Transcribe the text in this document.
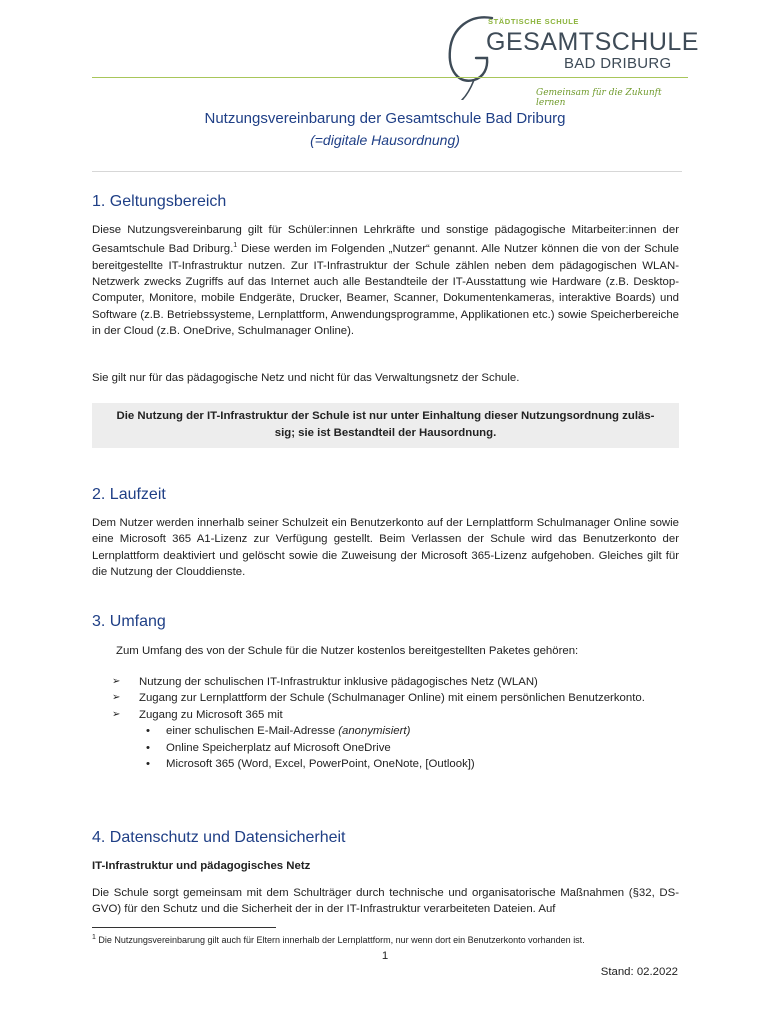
STÄDTISCHE SCHULE
GESAMTSCHULE
BAD DRIBURG
Gemeinsam für die Zukunft lernen
Nutzungsvereinbarung der Gesamtschule Bad Driburg
(=digitale Hausordnung)
1. Geltungsbereich

Diese Nutzungsvereinbarung gilt für Schüler:innen Lehrkräfte und sonstige pädagogische Mitarbeiter:innen der Gesamtschule Bad Driburg.$^1$ Diese werden im Folgenden „Nutzer“ genannt. Alle Nutzer können die von der Schule bereitgestellte IT-Infrastruktur nutzen. Zur IT-Infrastruktur der Schule zählen neben dem pädagogischen WLAN-Netzwerk zwecks Zugriffs auf das Internet auch alle Bestandteile der IT-Ausstattung wie Hardware (z.B. Desktop-Computer, Monitore, mobile Endgeräte, Drucker, Beamer, Scanner, Dokumentenkameras, interaktive Boards) und Software (z.B. Betriebssysteme, Lernplattform, Anwendungsprogramme, Applikationen etc.) sowie Speicherbereiche in der Cloud (z.B. OneDrive, Schulmanager Online).

Sie gilt nur für das pädagogische Netz und nicht für das Verwaltungsnetz der Schule.

Die Nutzung der IT-Infrastruktur der Schule ist nur unter Einhaltung dieser Nutzungsordnung zuläs-
sig; sie ist Bestandteil der Hausordnung.
2. Laufzeit

Dem Nutzer werden innerhalb seiner Schulzeit ein Benutzerkonto auf der Lernplattform Schulmanager Online sowie eine Microsoft 365 A1-Lizenz zur Verfügung gestellt. Beim Verlassen der Schule wird das Benutzerkonto der Lernplattform deaktiviert und gelöscht sowie die Zuweisung der Microsoft 365-Lizenz aufgehoben. Gleiches gilt für die Nutzung der Clouddienste.

3. Umfang

Zum Umfang des von der Schule für die Nutzer kostenlos bereitgestellten Paketes gehören:

➢ Nutzung der schulischen IT-Infrastruktur inklusive pädagogisches Netz (WLAN)
➢ Zugang zur Lernplattform der Schule (Schulmanager Online) mit einem persönlichen Benutzerkonto.
➢ Zugang zu Microsoft 365 mit
• einer schulischen E-Mail-Adresse (anonymisiert)
• Online Speicherplatz auf Microsoft OneDrive
• Microsoft 365 (Word, Excel, PowerPoint, OneNote, [Outlook])
4. Datenschutz und Datensicherheit
IT-Infrastruktur und pädagogisches Netz

Die Schule sorgt gemeinsam mit dem Schulträger durch technische und organisatorische Maßnahmen (§32, DS-GVO) für den Schutz und die Sicherheit der in der IT-Infrastruktur verarbeiteten Dateien. Auf

$^1$ Die Nutzungsvereinbarung gilt auch für Eltern innerhalb der Lernplattform, nur wenn dort ein Benutzerkonto vorhanden ist.
1
Stand: 02.2022
